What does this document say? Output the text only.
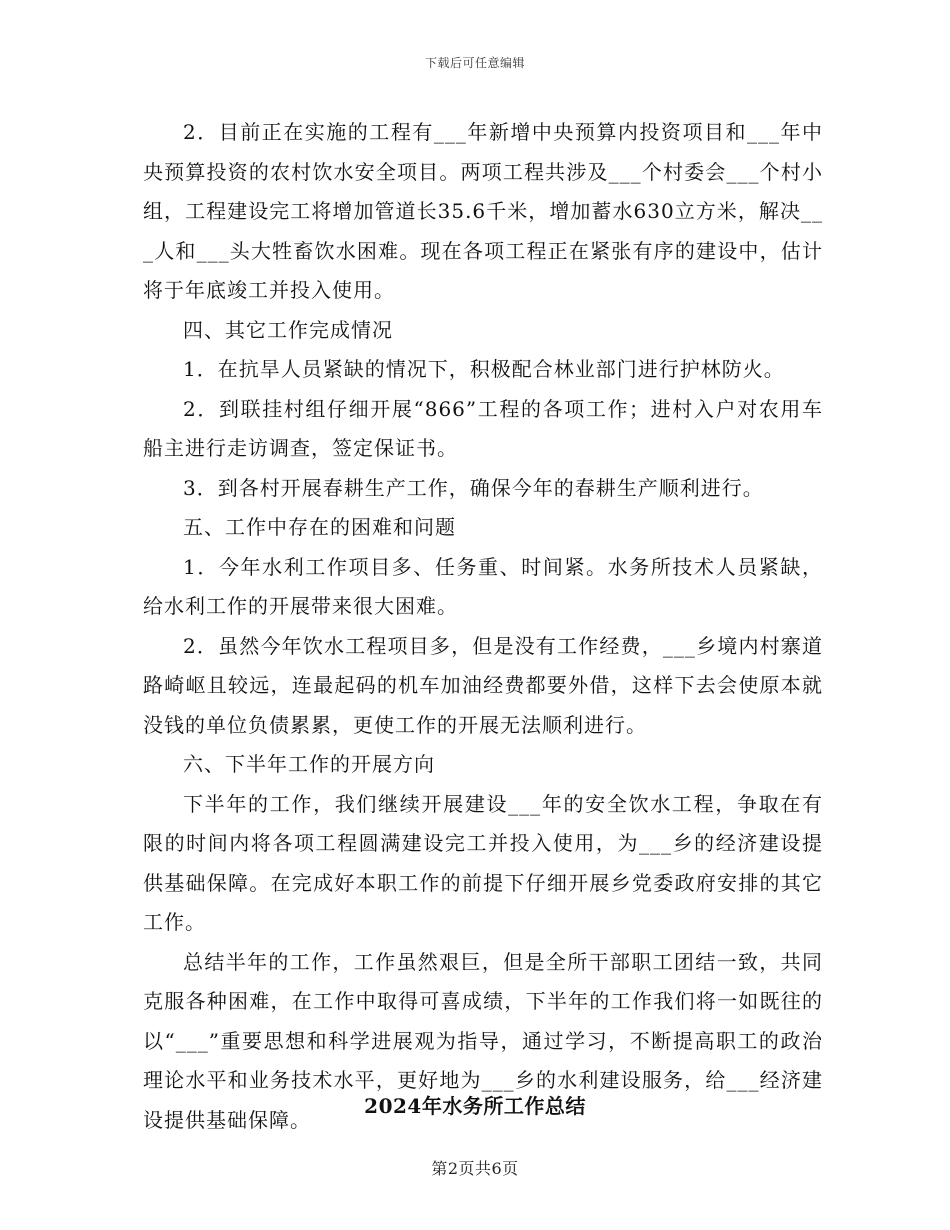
下载后可任意编辑

2．目前正在实施的工程有___年新增中央预算内投资项目和___年中央预算投资的农村饮水安全项目。两项工程共涉及___个村委会___个村小组，工程建设完工将增加管道长35.6千米，增加蓄水630立方米，解决___人和___头大牲畜饮水困难。现在各项工程正在紧张有序的建设中，估计将于年底竣工并投入使用。

四、其它工作完成情况

1．在抗旱人员紧缺的情况下，积极配合林业部门进行护林防火。

2．到联挂村组仔细开展“866”工程的各项工作；进村入户对农用车船主进行走访调查，签定保证书。

3．到各村开展春耕生产工作，确保今年的春耕生产顺利进行。

五、工作中存在的困难和问题

1．今年水利工作项目多、任务重、时间紧。水务所技术人员紧缺，给水利工作的开展带来很大困难。

2．虽然今年饮水工程项目多，但是没有工作经费，___乡境内村寨道路崎岖且较远，连最起码的机车加油经费都要外借，这样下去会使原本就没钱的单位负债累累，更使工作的开展无法顺利进行。

六、下半年工作的开展方向

下半年的工作，我们继续开展建设___年的安全饮水工程，争取在有限的时间内将各项工程圆满建设完工并投入使用，为___乡的经济建设提供基础保障。在完成好本职工作的前提下仔细开展乡党委政府安排的其它工作。

总结半年的工作，工作虽然艰巨，但是全所干部职工团结一致，共同克服各种困难，在工作中取得可喜成绩，下半年的工作我们将一如既往的以“___”重要思想和科学进展观为指导，通过学习，不断提高职工的政治理论水平和业务技术水平，更好地为___乡的水利建设服务，给___经济建设提供基础保障。

2024年水务所工作总结
第2页共6页
